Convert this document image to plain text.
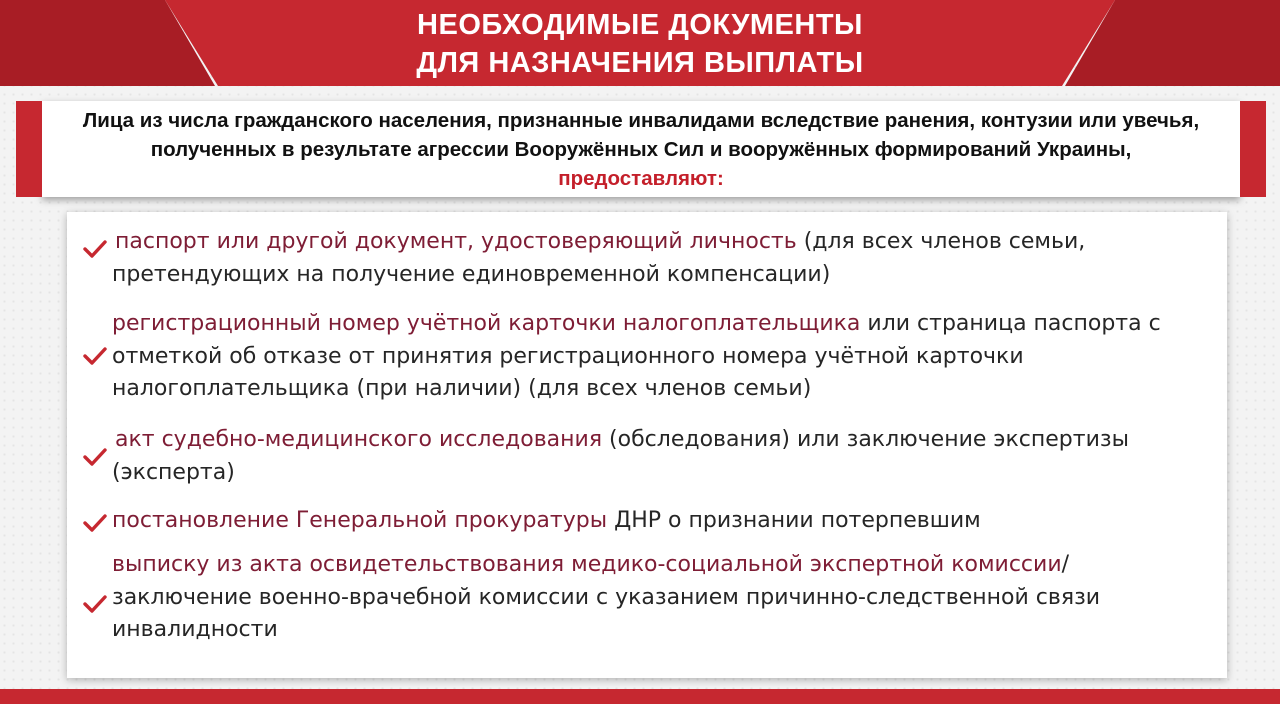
НЕОБХОДИМЫЕ ДОКУМЕНТЫ
ДЛЯ НАЗНАЧЕНИЯ ВЫПЛАТЫ
Лица из числа гражданского населения, признанные инвалидами вследствие ранения, контузии или увечья, полученных в результате агрессии Вооружённых Сил и вооружённых формирований Украины, предоставляют:
паспорт или другой документ, удостоверяющий личность (для всех членов семьи, претендующих на получение единовременной компенсации)
регистрационный номер учётной карточки налогоплательщика или страница паспорта с отметкой об отказе от принятия регистрационного номера учётной карточки налогоплательщика (при наличии) (для всех членов семьи)
акт судебно-медицинского исследования (обследования) или заключение экспертизы (эксперта)
постановление Генеральной прокуратуры ДНР о признании потерпевшим
выписку из акта освидетельствования медико-социальной экспертной комиссии/заключение военно-врачебной комиссии с указанием причинно-следственной связи инвалидности
